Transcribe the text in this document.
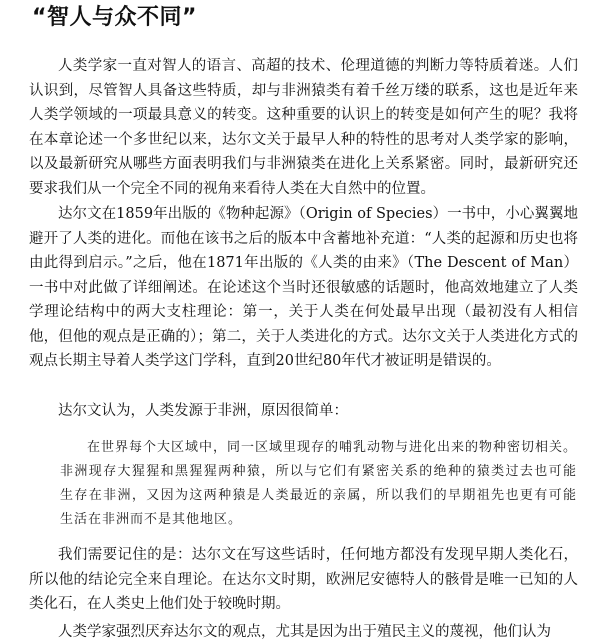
“智人与众不同”

人类学家一直对智人的语言、高超的技术、伦理道德的判断力等特质着迷。人们认识到，尽管智人具备这些特质，却与非洲猿类有着千丝万缕的联系，这也是近年来人类学领域的一项最具意义的转变。这种重要的认识上的转变是如何产生的呢？我将在本章论述一个多世纪以来，达尔文关于最早人种的特性的思考对人类学家的影响，以及最新研究从哪些方面表明我们与非洲猿类在进化上关系紧密。同时，最新研究还要求我们从一个完全不同的视角来看待人类在大自然中的位置。

达尔文在1859年出版的《物种起源》（Origin of Species）一书中，小心翼翼地避开了人类的进化。而他在该书之后的版本中含蓄地补充道：“人类的起源和历史也将由此得到启示。”之后，他在1871年出版的《人类的由来》（The Descent of Man）一书中对此做了详细阐述。在论述这个当时还很敏感的话题时，他高效地建立了人类学理论结构中的两大支柱理论：第一，关于人类在何处最早出现（最初没有人相信他，但他的观点是正确的）；第二，关于人类进化的方式。达尔文关于人类进化方式的观点长期主导着人类学这门学科，直到20世纪80年代才被证明是错误的。

达尔文认为，人类发源于非洲，原因很简单：

在世界每个大区域中，同一区域里现存的哺乳动物与进化出来的物种密切相关。非洲现存大猩猩和黑猩猩两种猿，所以与它们有紧密关系的绝种的猿类过去也可能生存在非洲，又因为这两种猿是人类最近的亲属，所以我们的早期祖先也更有可能生活在非洲而不是其他地区。

我们需要记住的是：达尔文在写这些话时，任何地方都没有发现早期人类化石，所以他的结论完全来自理论。在达尔文时期，欧洲尼安德特人的骸骨是唯一已知的人类化石，在人类史上他们处于较晚时期。

人类学家强烈厌弃达尔文的观点，尤其是因为出于殖民主义的蔑视，他们认为
